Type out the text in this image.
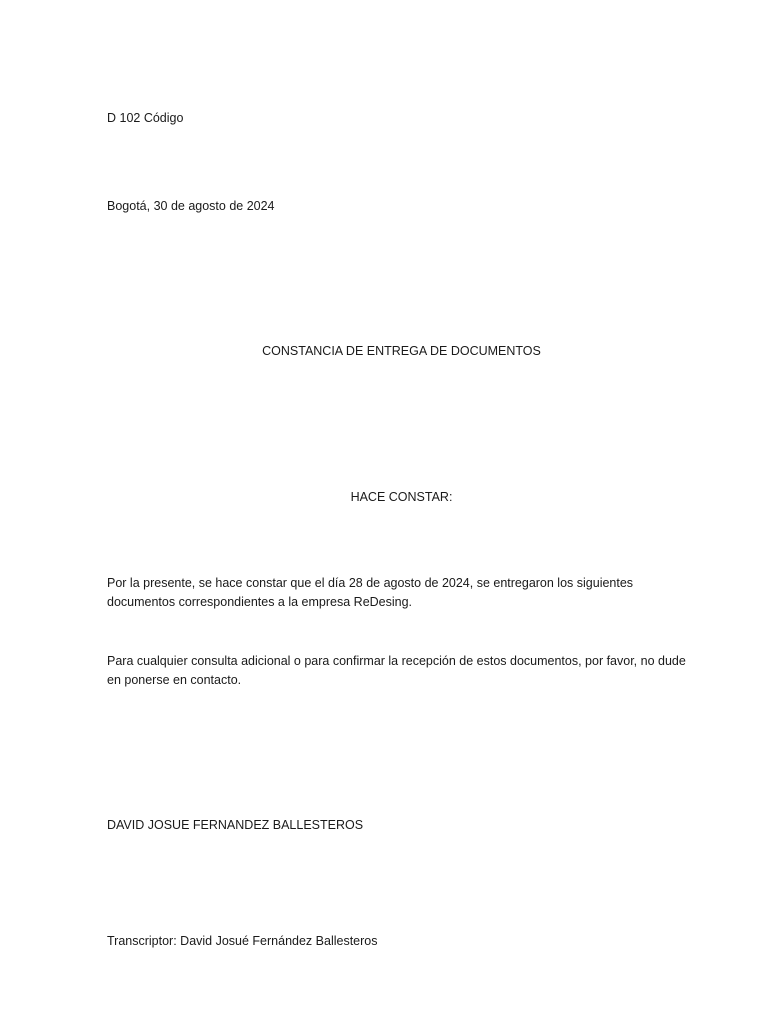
D 102 Código

Bogotá, 30 de agosto de 2024

CONSTANCIA DE ENTREGA DE DOCUMENTOS

HACE CONSTAR:

Por la presente, se hace constar que el día 28 de agosto de 2024, se entregaron los siguientes
documentos correspondientes a la empresa ReDesing.
Para cualquier consulta adicional o para confirmar la recepción de estos documentos, por favor, no dude
en ponerse en contacto.

DAVID JOSUE FERNANDEZ BALLESTEROS

Transcriptor: David Josué Fernández Ballesteros
